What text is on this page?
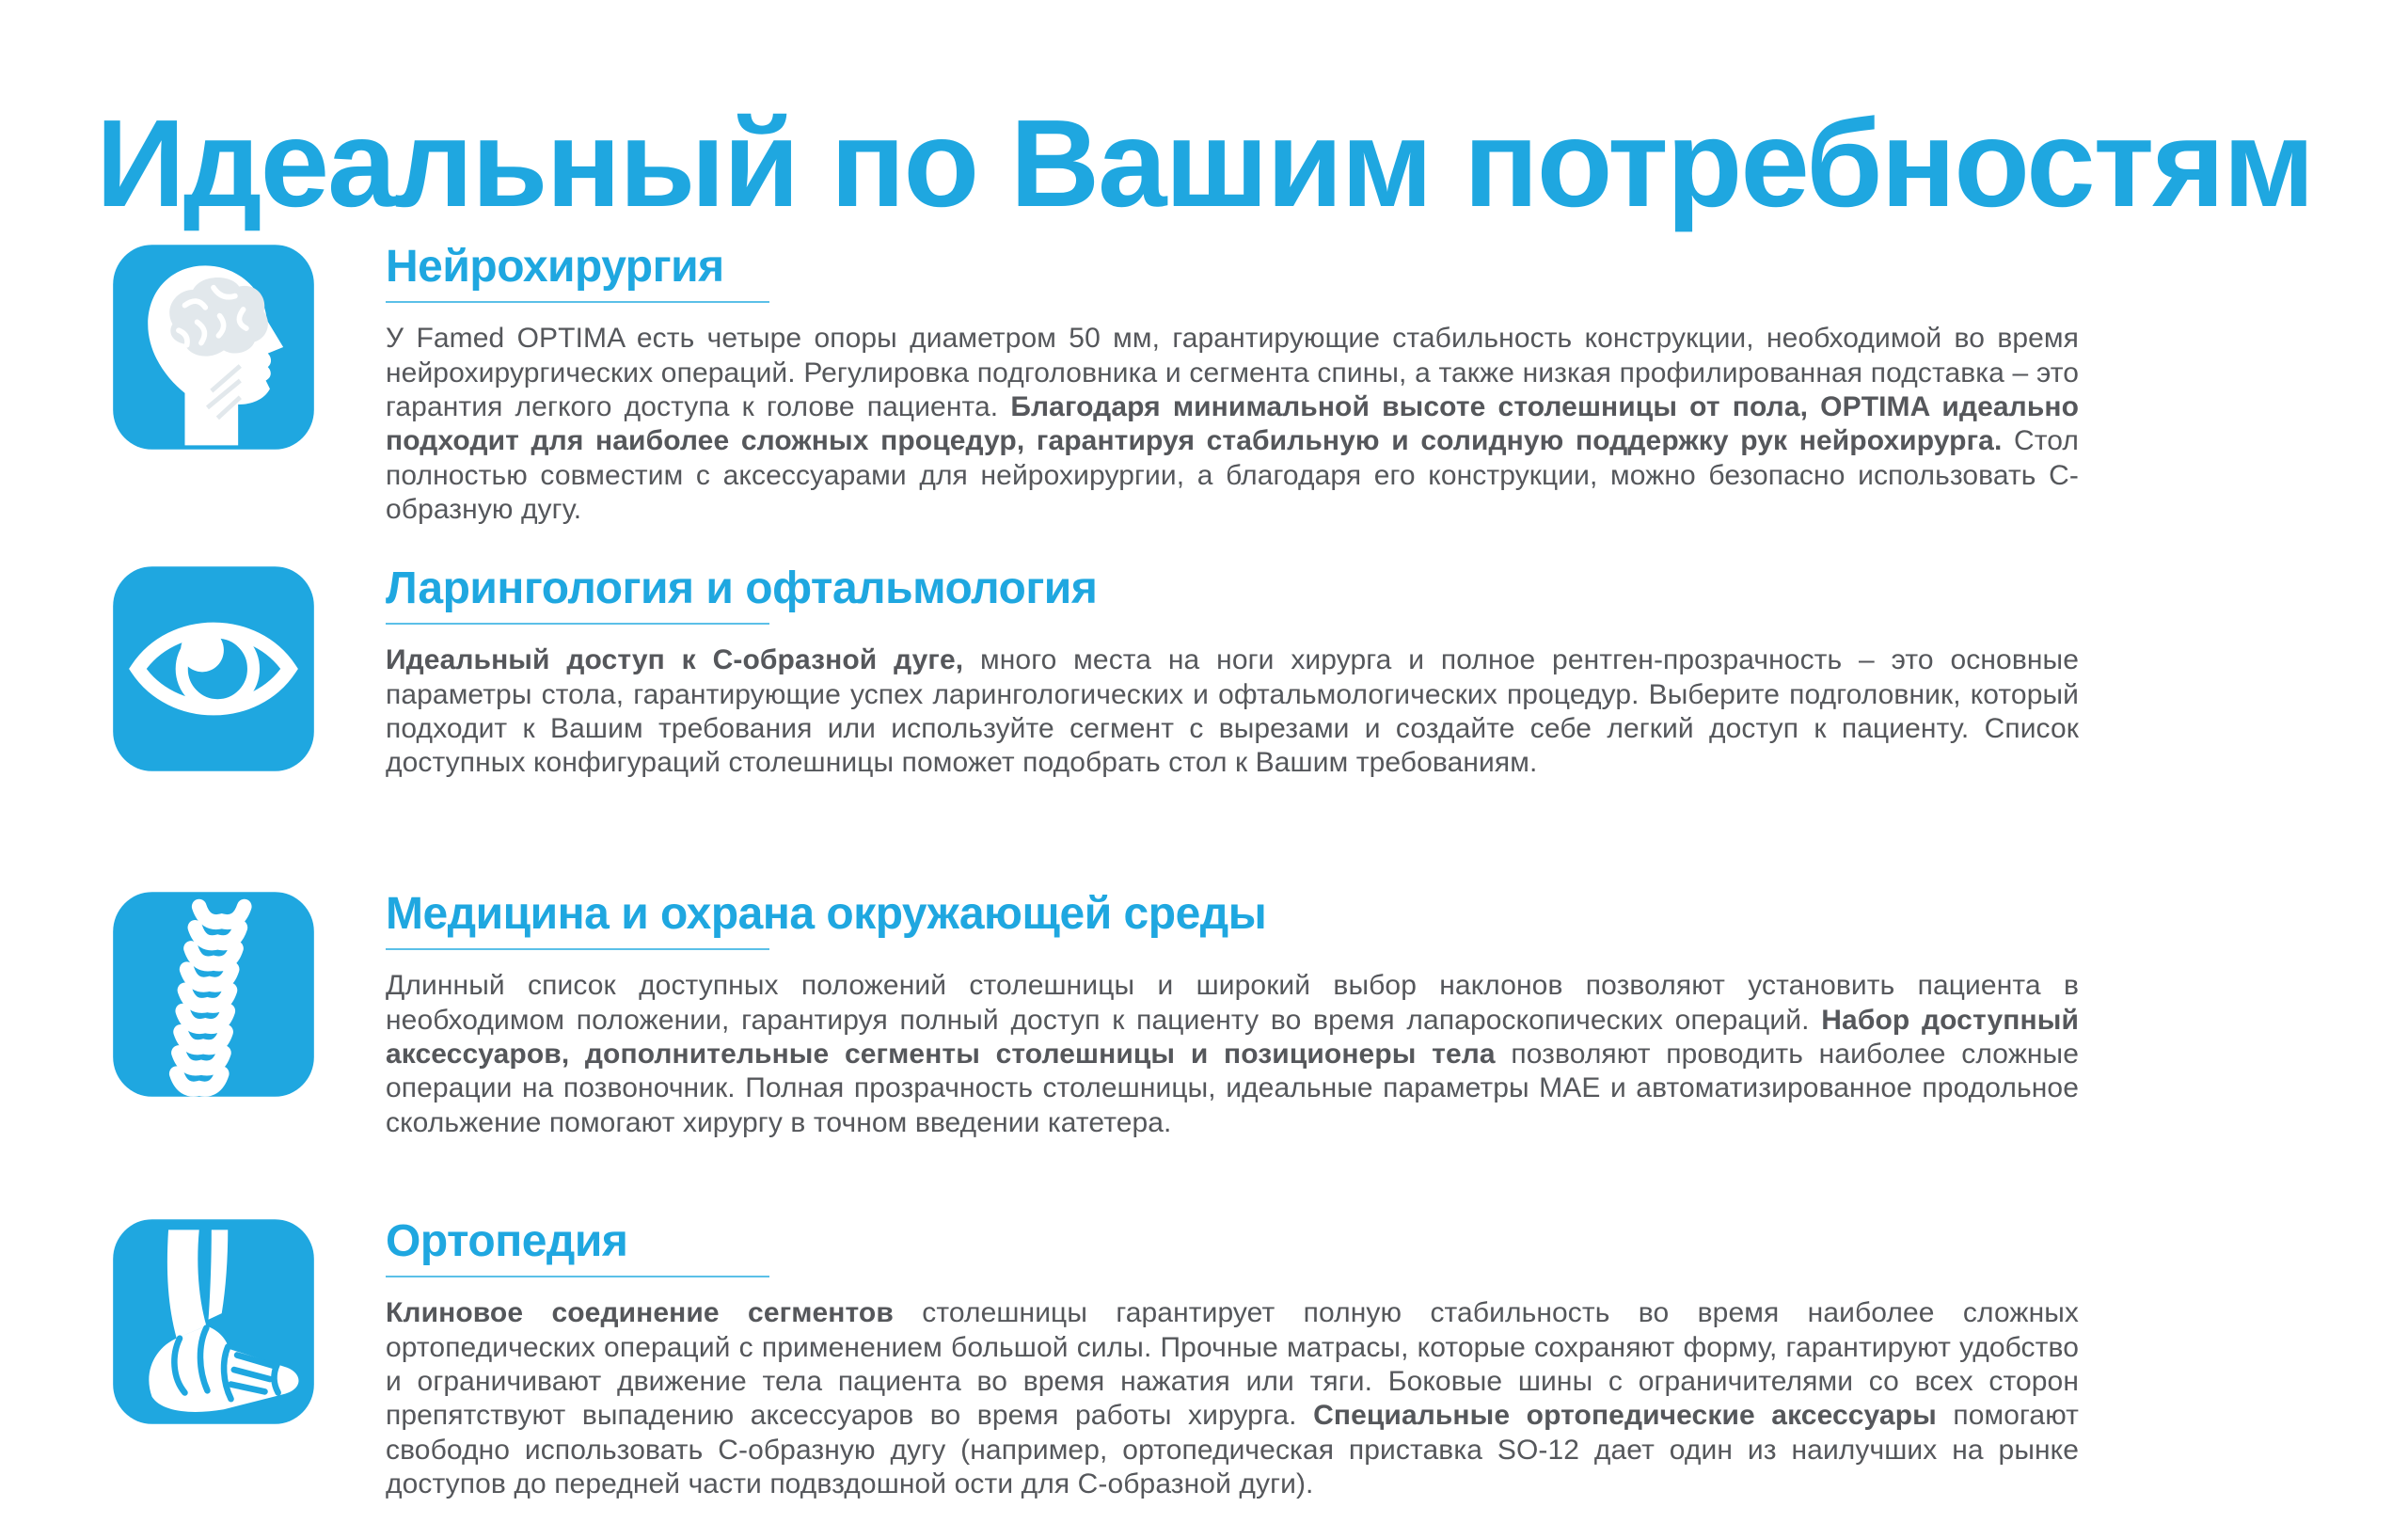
Идеальный по Вашим потребностям
Нейрохирургия

У Famed OPTIMA есть четыре опоры диаметром 50 мм, гарантирующие стабильность конструкции, необходимой во время нейрохирургических операций. Регулировка подголовника и сегмента спины, а также низкая профилированная подставка – это гарантия легкого доступа к голове пациента. Благодаря минимальной высоте столешницы от пола, OPTIMA идеально подходит для наиболее сложных процедур, гарантируя стабильную и солидную поддержку рук нейрохирурга. Стол полностью совместим с аксессуарами для нейрохирургии, а благодаря его конструкции, можно безопасно использовать С-образную дугу.

Ларингология и офтальмология

Идеальный доступ к С-образной дуге, много места на ноги хирурга и полное рентген-прозрачность – это основные параметры стола, гарантирующие успех ларингологических и офтальмологических процедур. Выберите подголовник, который подходит к Вашим требования или используйте сегмент с вырезами и создайте себе легкий доступ к пациенту. Список доступных конфигураций столешницы поможет подобрать стол к Вашим требованиям.

Медицина и охрана окружающей среды

Длинный список доступных положений столешницы и широкий выбор наклонов позволяют установить пациента в необходимом положении, гарантируя полный доступ к пациенту во время лапароскопических операций. Набор доступный аксессуаров, дополнительные сегменты столешницы и позиционеры тела позволяют проводить наиболее сложные операции на позвоночник. Полная прозрачность столешницы, идеальные параметры MAE и автоматизированное продольное скольжение помогают хирургу в точном введении катетера.

Ортопедия

Клиновое соединение сегментов столешницы гарантирует полную стабильность во время наиболее сложных ортопедических операций с применением большой силы. Прочные матрасы, которые сохраняют форму, гарантируют удобство и ограничивают движение тела пациента во время нажатия или тяги. Боковые шины с ограничителями со всех сторон препятствуют выпадению аксессуаров во время работы хирурга. Специальные ортопедические аксессуары помогают свободно использовать С-образную дугу (например, ортопедическая приставка SO-12 дает один из наилучших на рынке доступов до передней части подвздошной ости для С-образной дуги).
